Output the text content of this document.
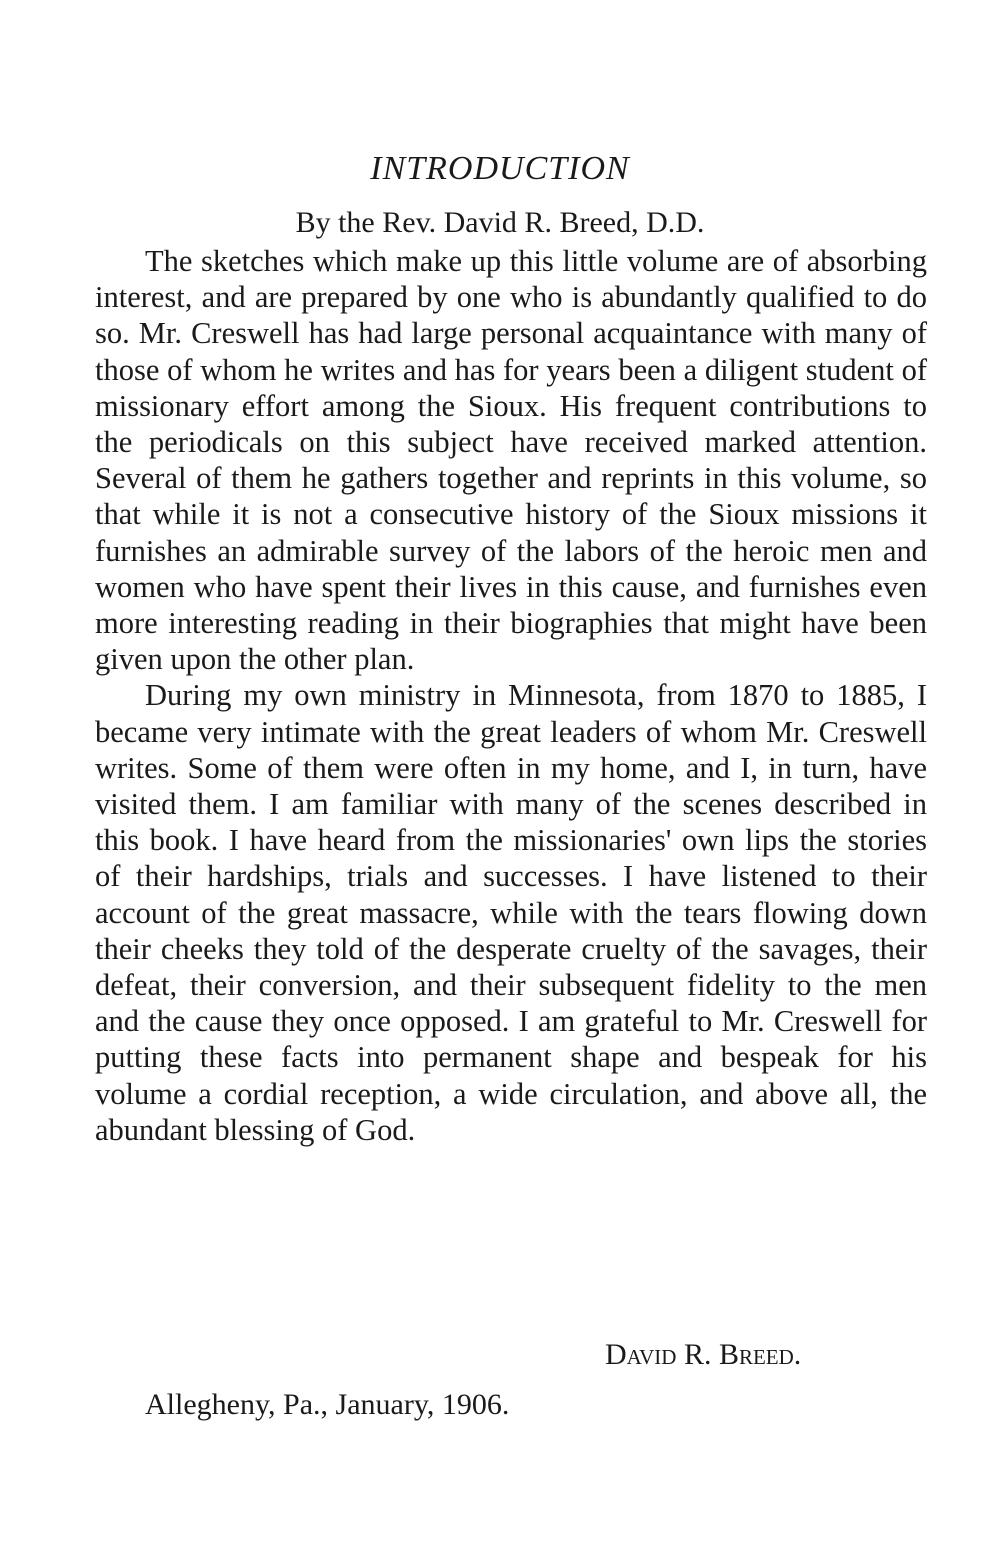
INTRODUCTION
By the Rev. David R. Breed, D.D.

The sketches which make up this little volume are of absorbing interest, and are prepared by one who is abundantly qualified to do so. Mr. Creswell has had large personal acquaintance with many of those of whom he writes and has for years been a diligent student of missionary effort among the Sioux. His frequent contributions to the periodicals on this subject have received marked attention. Several of them he gathers together and reprints in this volume, so that while it is not a consecutive history of the Sioux missions it furnishes an admirable survey of the labors of the heroic men and women who have spent their lives in this cause, and furnishes even more interesting reading in their biographies that might have been given upon the other plan.

During my own ministry in Minnesota, from 1870 to 1885, I became very intimate with the great leaders of whom Mr. Creswell writes. Some of them were often in my home, and I, in turn, have visited them. I am familiar with many of the scenes described in this book. I have heard from the missionaries' own lips the stories of their hardships, trials and successes. I have listened to their account of the great massacre, while with the tears flowing down their cheeks they told of the desperate cruelty of the savages, their defeat, their conversion, and their subsequent fidelity to the men and the cause they once opposed. I am grateful to Mr. Creswell for putting these facts into permanent shape and bespeak for his volume a cordial reception, a wide circulation, and above all, the abundant blessing of God.

David R. Breed.
Allegheny, Pa., January, 1906.
